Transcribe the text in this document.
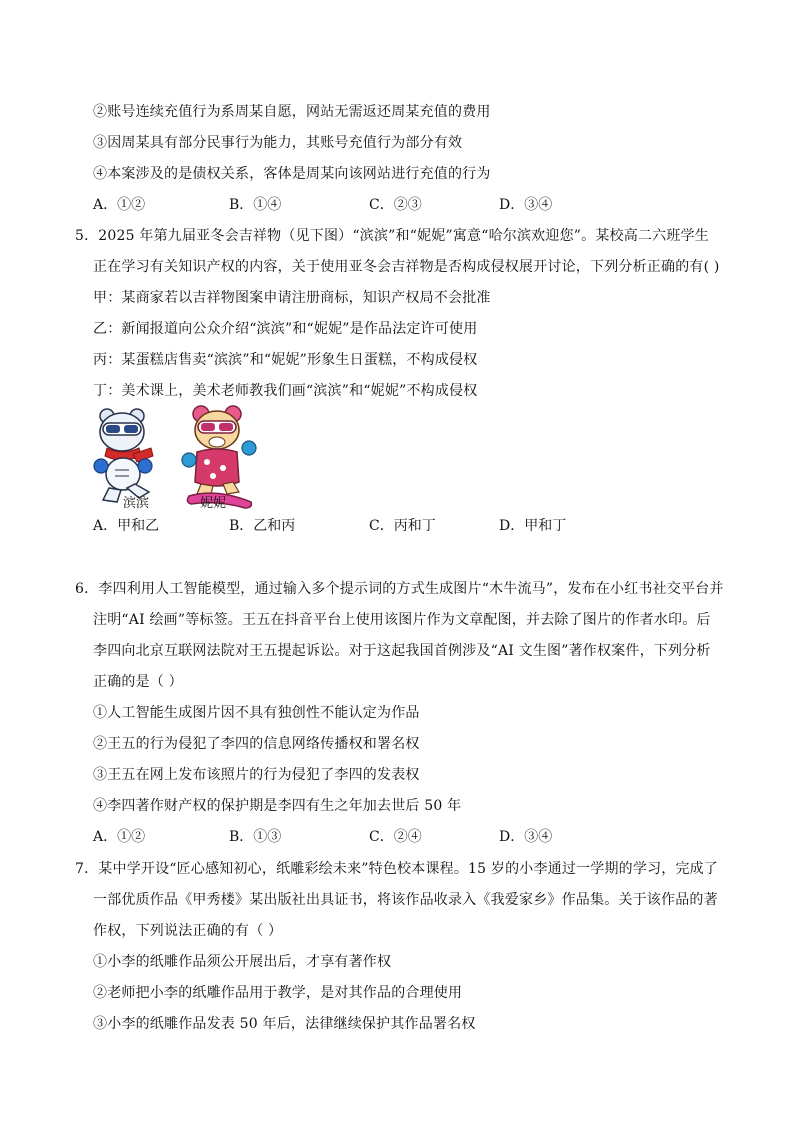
②账号连续充值行为系周某自愿，网站无需返还周某充值的费用
③因周某具有部分民事行为能力，其账号充值行为部分有效
④本案涉及的是债权关系，客体是周某向该网站进行充值的行为
A．①②	B．①④	C．②③	D．③④
5．2025 年第九届亚冬会吉祥物（见下图）“滨滨”和“妮妮”寓意“哈尔滨欢迎您”。某校高二六班学生
正在学习有关知识产权的内容，关于使用亚冬会吉祥物是否构成侵权展开讨论，下列分析正确的有( )
甲：某商家若以吉祥物图案申请注册商标，知识产权局不会批准
乙：新闻报道向公众介绍“滨滨”和“妮妮”是作品法定许可使用
丙：某蛋糕店售卖“滨滨”和“妮妮”形象生日蛋糕，不构成侵权
丁：美术课上，美术老师教我们画“滨滨”和“妮妮”不构成侵权
滨滨	妮妮
A．甲和乙	B．乙和丙	C．丙和丁	D．甲和丁
6．李四利用人工智能模型，通过输入多个提示词的方式生成图片“木牛流马”，发布在小红书社交平台并
注明“AI 绘画”等标签。王五在抖音平台上使用该图片作为文章配图，并去除了图片的作者水印。后
李四向北京互联网法院对王五提起诉讼。对于这起我国首例涉及“AI 文生图”著作权案件，下列分析
正确的是（ ）
①人工智能生成图片因不具有独创性不能认定为作品
②王五的行为侵犯了李四的信息网络传播权和署名权
③王五在网上发布该照片的行为侵犯了李四的发表权
④李四著作财产权的保护期是李四有生之年加去世后 50 年
A．①②	B．①③	C．②④	D．③④
7．某中学开设“匠心感知初心，纸雕彩绘未来”特色校本课程。15 岁的小李通过一学期的学习，完成了
一部优质作品《甲秀楼》某出版社出具证书，将该作品收录入《我爱家乡》作品集。关于该作品的著
作权，下列说法正确的有（ ）
①小李的纸雕作品须公开展出后，才享有著作权
②老师把小李的纸雕作品用于教学，是对其作品的合理使用
③小李的纸雕作品发表 50 年后，法律继续保护其作品署名权
